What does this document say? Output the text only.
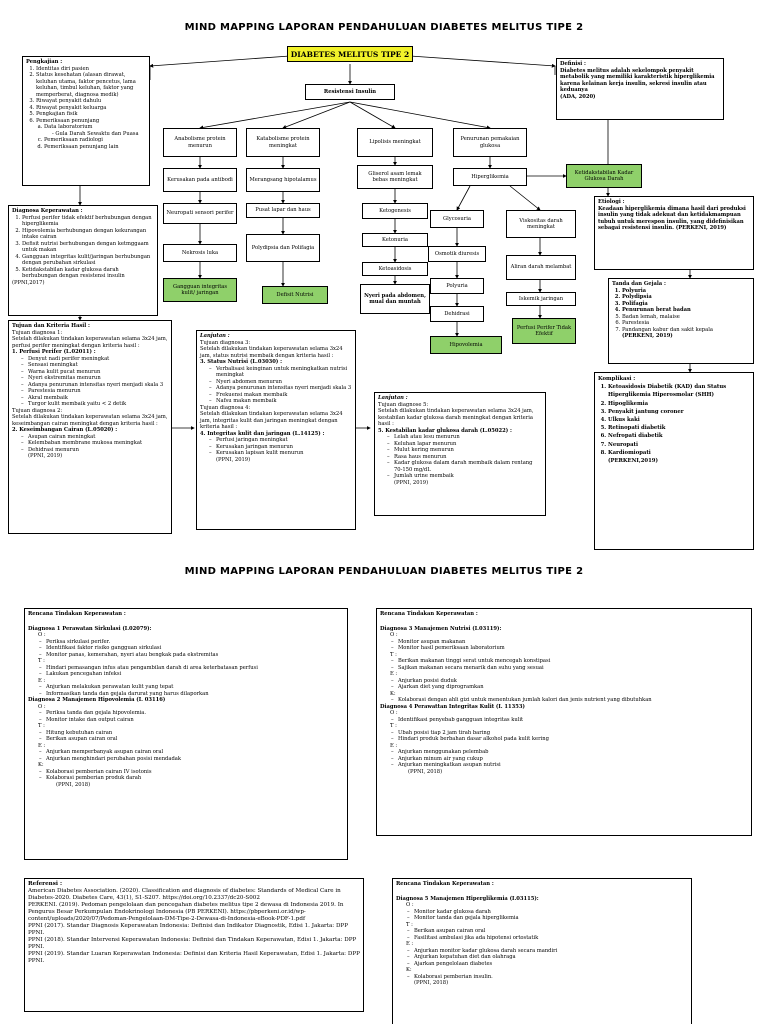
MIND MAPPING LAPORAN PENDAHULUAN DIABETES MELITUS TIPE 2
DIABETES MELITUS TIPE 2
Resistensi Insulin
Pengkajian :
1. Identitas diri pasien
2. Status kesehatan (alasan dirawat, keluhan utama, faktor pencetus, lama keluhan, timbul keluhan, faktor yang memperberat, diagnosa medik)
3. Riwayat penyakit dahulu
4. Riwayat penyakit keluarga
5. Pengkajian fisik
6. Pemeriksaan penunjang
a. Data laboratorium
- Gula Darah Sewaktu dan Puasa
c. Pemeriksaan radiologi
d. Pemeriksaan penunjang lain
Definisi :
Diabetes melitus adalah sekelompok penyakit metabolik yang memiliki karakteristik hiperglikemia karena kelainan kerja insulin, sekresi insulin atau keduanya
(ADA, 2020)
Anabolisme protein menurun
Katabolisme protein meningkat
Lipolisis meningkat
Penurunan pemakaian glukosa
Kerusakan pada antibodi	Merangsang hipotalamus
Gliserol asam lemak bebas meningkat
Hiperglikemia
Ketidakstabilan Kadar Glukosa Darah
Neuropati sensori perifer	Pusat lapar dan haus	Ketogenesis
Glycosuria	Viskositas darah meningkat
Nekrosis luka
Polydipsia dan Polifagia
Ketonuria
Osmotik diuresis
Aliran darah melambat
Gangguan integritas kulit/ jaringan	Defisit Nutrisi
Ketoasidosis
Polyuria
Iskemik jaringan
Nyeri pada abdomen, mual dan muntah
Dehidrasi
Hipovolemia
Perfusi Perifer Tidak Efektif
Diagnosa Keperawatan :
1. Perfusi perifer tidak efektif berhubungan dengan hiperglikemia
2. Hipovolemia berhubungan dengan kekurangan intake cairan
3. Defisit nutrisi berhubungan dengan ketmggaam untuk makan
4. Gangguan integritas kulit/jaringan berhubungan dengan perubahan sirkulasi
5. Ketidakstabilan kadar glukosa darah berhubungan dengan resistensi insulin
(PPNI,2017)
Etiologi :
Keadaan hiperglikemia dimana hasil dari produksi insulin yang tidak adekuat dan ketidakmampuan tubuh untuk merespon insulin, yang didefinisikan sebagai resistensi insulin. (PERKENI, 2019)
Tanda dan Gejala :
1. Polyuria
2. Polydipsia
3. Polifagia
4. Penurunan berat badan
5. Badan lemah, malaise
6. Parestesia
7. Pandangan kabur dan sakit kepala
(PERKENI, 2019)
Komplikasi :
1. Ketoasidosis Diabetik (KAD) dan Status Hiperglikemia Hiperosmolar (SHH)
2. Hipoglikemia
3. Penyakit jantung coroner
4. Ulkus kaki
5. Retinopati diabetik
6. Nefropati diabetik
7. Neuropati
8. Kardiomiopati
(PERKENI,2019)
Tujuan dan Kriteria Hasil :
Tujuan diagnosa 1:
Setelah dilakukan tindakan keperawatan selama 3x24 jam, perfusi perifer meningkat dengan kriteria hasil :
1. Perfusi Perifer (L.02011) :
– Denyut nadi perifer meningkat
– Sensasi meningkat
– Warna kulit pucat menurun
– Nyeri ekstremitas menurun
– Adanya penurunan intensitas nyeri menjadi skala 3
– Parestesia menurun
– Akral membaik
– Turgor kulit membaik yaitu < 2 detik
Tujuan diagnosa 2:
Setelah dilakukan tindakan keperawatan selama 3x24 jam, keseimbangan cairan meningkat dengan kriteria hasil :
2. Keseimbangan Cairan (L.05020) :
– Asupan cairan meningkat
– Kelembaban membrane mukosa meningkat
– Dehidrasi menurun
(PPNI, 2019)
Lanjutan :
Tujuan diagnosa 3:
Setelah dilakukan tindakan keperawatan selama 3x24 jam, status nutrisi membaik dengan kriteria hasil :
3. Status Nutrisi (L.03030) :
– Verbalisasi keinginan untuk meningkatkan nutrisi meningkat
– Nyeri abdomen menurun
– Adanya penurunan intensitas nyeri menjadi skala 3
– Frekuensi makan membaik
– Nafsu makan membaik
Tujuan diagnosa 4:
Setelah dilakukan tindakan keperawatan selama 3x24 jam, integritas kulit dan jaringan meningkat dengan kriteria hasil :
4. Integritas kulit dan jaringan (L.14125) :
– Perfusi jaringan meningkat
– Kerusakan jaringan menurun
– Kerusakan lapisan kulit menurun
(PPNI, 2019)
Lanjutan :
Tujuan diagnose 5:
Setelah dilakukan tindakan keperawatan selama 3x24 jam, kestabilan kadar glukosa darah meningkat dengan kriteria hasil :
5. Kestabilan kadar glukosa darah (L.05022) :
– Lelah atau lesu menurun
– Keluhan lapar menurun
– Mulut kering menurun
– Rasa haus menurun
– Kadar glukosa dalam darah membaik dalam rentang 70-150 mg/dL
– Jumlah urine membaik
(PPNI, 2019)
MIND MAPPING LAPORAN PENDAHULUAN DIABETES MELITUS TIPE 2
Rencana Tindakan Keperawatan :
Diagnosa 1 Perawatan Sirkulasi (I.02079):
O :
– Periksa sirkulasi perifer.
– Identifikasi faktor risiko gangguan sirkulasi
– Monitor panas, kemerahan, nyeri atau bengkak pada ekstremitas
T :
– Hindari pemasangan infus atau pengambilan darah di area keterbatasan perfusi
– Lakukan pencegahan infeksi
E :
– Anjurkan melakukan perawatan kulit yang tepat
– Informasikan tanda dan gejala darurat yang harus dilaporkan
Diagnosa 2 Manajemen Hipovolemia (I. 03116)
O :
– Periksa tanda dan gejala hipovolemia.
– Monitor intake dan output cairan
T :
– Hitung kebutuhan cairan
– Berikan asupan cairan oral
E :
– Anjurkan memperbanyak asupan cairan oral
– Anjurkan menghindari perubahan posisi mendadak
K:
– Kolaborasi pemberian cairan IV isotonis
– Kolaborasi pemberian produk darah
(PPNI, 2018)
Rencana Tindakan Keperawatan :
Diagnosa 3 Manajemen Nutrisi (I.03119):
O :
– Monitor asupan makanan
– Monitor hasil pemeriksaan laboratorium
T :
– Berikan makanan tinggi serat untuk mencegah konstipasi
– Sajikan makanan secara menarik dan suhu yang sesuai
E :
– Anjurkan posisi duduk
– Ajarkan diet yang diprogramkan
K:
– Kolaborasi dengan ahli gizi untuk menentukan jumlah kalori dan jenis nutrient yang dibutuhkan
Diagnosa 4 Perawattan Integritas Kulit (I. 11353)
O :
– Identifikasi penyebab gangguan integritas kulit
T :
– Ubah posisi tiap 2 jam tirah baring
– Hindari produk berbahan dasar alkohol pada kulit kering
E :
– Anjurkan menggunakan pelembab
– Anjurkan minum air yang cukup
– Anjurkan meningkatkan asupan nutrisi
(PPNI, 2018)
Referensi :
American Diabetes Association. (2020). Classification and diagnosis of diabetes: Standards of Medical Care in Diabetes-2020. Diabetes Care, 43(1), S1-S207. https://doi.org/10.2337/dc20-S002
PERKENI. (2019). Pedoman pengelolaan dan pencegahan diabetes melitus tipe 2 dewasa di Indonesia 2019. In Pengurus Besar Perkumpulan Endokrinologi Indonesia (PB PERKENI). https://pbperkeni.or.id/wp-content/uploads/2020/07/Pedoman-Pengelolaan-DM-Tipe-2-Dewasa-di-Indonesia-eBook-PDF-1.pdf
PPNI (2017). Standar Diagnosis Keperawatan Indonesia: Definisi dan Indikator Diagnostik, Edisi 1. Jakarta: DPP PPNI.
PPNI (2018). Standar Intervensi Keperawatan Indonesia: Definisi dan Tindakan Keperawatan, Edisi 1. Jakarta: DPP PPNI.
PPNI (2019). Standar Luaran Keperawatan Indonesia: Definisi dan Kriteria Hasil Keperawatan, Edisi 1. Jakarta: DPP PPNI.
Rencana Tindakan Keperawatan :
Diagnosa 5 Manajemen Hiperglikemia (I.03115):
O :
– Monitor kadar glukosa darah
– Monitor tanda dan gejala hiperglikemia
T :
– Berikan asupan cairan oral
– Fasilitasi ambulasi jika ada hipotensi ortostatik
E :
– Anjurkan monitor kadar glukosa darah secara mandiri
– Anjurkan kepatuhan diet dan olahraga
– Ajarkan pengelolaan diabetes
K:
– Kolaborasi pemberian insulin.
(PPNI, 2018)
